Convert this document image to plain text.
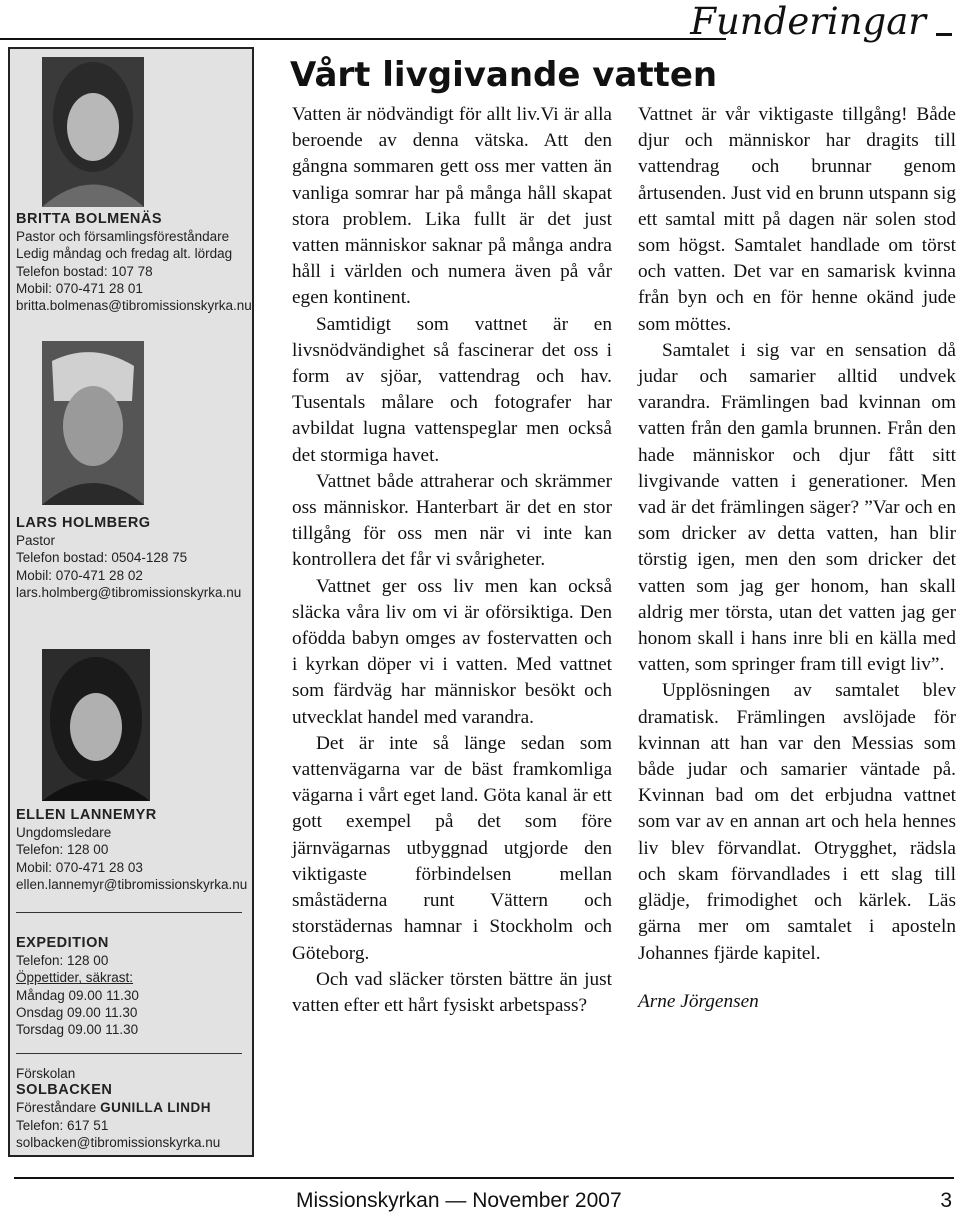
Funderingar
BRITTA BOLMENÄS
Pastor och församlingsföreståndare
Ledig måndag och fredag alt. lördag
Telefon bostad: 107 78
Mobil: 070-471 28 01
britta.bolmenas@tibromissionskyrka.nu
LARS HOLMBERG
Pastor
Telefon bostad: 0504-128 75
Mobil: 070-471 28 02
lars.holmberg@tibromissionskyrka.nu
ELLEN LANNEMYR
Ungdomsledare
Telefon: 128 00
Mobil: 070-471 28 03
ellen.lannemyr@tibromissionskyrka.nu
EXPEDITION
Telefon: 128 00
Öppettider, säkrast:
Måndag 09.00 11.30
Onsdag 09.00 11.30
Torsdag 09.00 11.30
Förskolan
SOLBACKEN
Föreståndare GUNILLA LINDH
Telefon: 617 51
solbacken@tibromissionskyrka.nu
Vårt livgivande vatten

Vatten är nödvändigt för allt liv.Vi är alla beroende av denna vätska. Att den gångna sommaren gett oss mer vatten än vanliga somrar har på många håll skapat stora problem. Lika fullt är det just vatten människor saknar på många andra håll i världen och numera även på vår egen kontinent.

Samtidigt som vattnet är en livsnödvändighet så fascinerar det oss i form av sjöar, vattendrag och hav. Tusentals målare och fotografer har avbildat lugna vattenspeglar men också det stormiga havet.

Vattnet både attraherar och skrämmer oss människor. Hanterbart är det en stor tillgång för oss men när vi inte kan kontrollera det får vi svårigheter.

Vattnet ger oss liv men kan också släcka våra liv om vi är oförsiktiga. Den ofödda babyn omges av fostervatten och i kyrkan döper vi i vatten. Med vattnet som färdväg har människor besökt och utvecklat handel med varandra.

Det är inte så länge sedan som vattenvägarna var de bäst framkomliga vägarna i vårt eget land. Göta kanal är ett gott exempel på det som före järnvägarnas utbyggnad utgjorde den viktigaste förbindelsen mellan småstäderna runt Vättern och storstädernas hamnar i Stockholm och Göteborg.

Och vad släcker törsten bättre än just vatten efter ett hårt fysiskt arbetspass?

Vattnet är vår viktigaste tillgång! Både djur och människor har dragits till vattendrag och brunnar genom årtusenden. Just vid en brunn utspann sig ett samtal mitt på dagen när solen stod som högst. Samtalet handlade om törst och vatten. Det var en samarisk kvinna från byn och en för henne okänd jude som möttes.

Samtalet i sig var en sensation då judar och samarier alltid undvek varandra. Främlingen bad kvinnan om vatten från den gamla brunnen. Från den hade människor och djur fått sitt livgivande vatten i generationer. Men vad är det främlingen säger? ”Var och en som dricker av detta vatten, han blir törstig igen, men den som dricker det vatten som jag ger honom, han skall aldrig mer törsta, utan det vatten jag ger honom skall i hans inre bli en källa med vatten, som springer fram till evigt liv”.

Upplösningen av samtalet blev dramatisk. Främlingen avslöjade för kvinnan att han var den Messias som både judar och samarier väntade på. Kvinnan bad om det erbjudna vattnet som var av en annan art och hela hennes liv blev förvandlat. Otrygghet, rädsla och skam förvandlades i ett slag till glädje, frimodighet och kärlek. Läs gärna mer om samtalet i aposteln Johannes fjärde kapitel.

Arne Jörgensen

Missionskyrkan — November 2007	3
